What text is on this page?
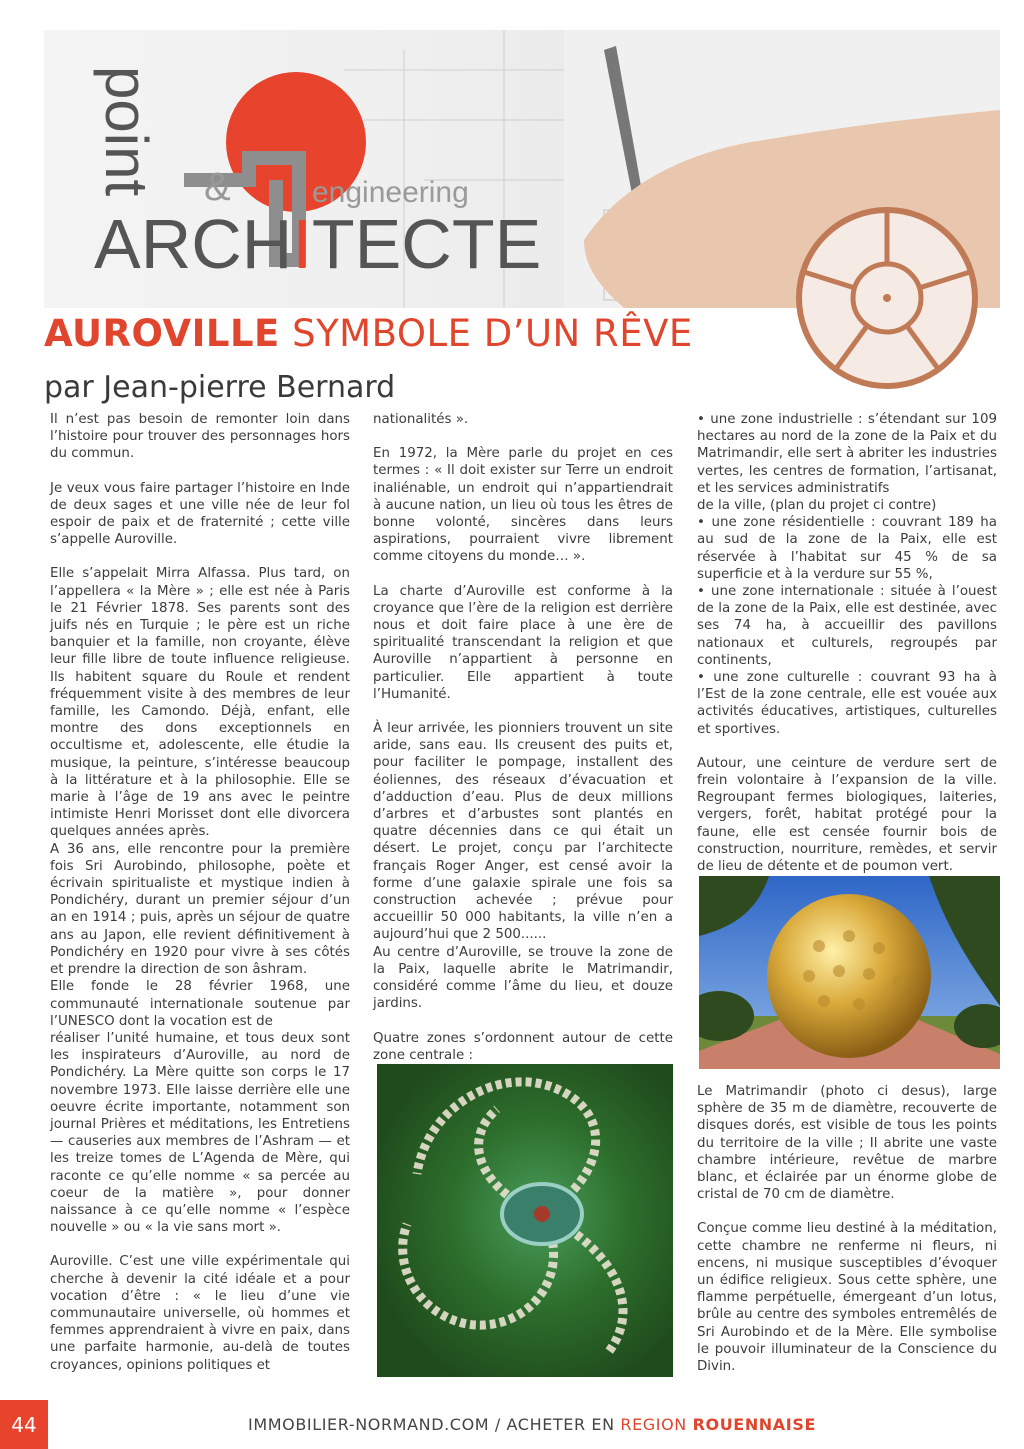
point &	engineering
ARCHITECTE
AUROVILLE SYMBOLE D’UN RÊVE
par Jean-pierre Bernard

Il n’est pas besoin de remonter loin dans l’histoire pour trouver des personnages hors du commun.

Je veux vous faire partager l’histoire en Inde de deux sages et une ville née de leur fol espoir de paix et de fraternité ; cette ville s’appelle Auroville.

Elle s’appelait Mirra Alfassa. Plus tard, on l’appellera « la Mère » ; elle est née à Paris le 21 Février 1878. Ses parents sont des juifs nés en Turquie ; le père est un riche banquier et la famille, non croyante, élève leur fille libre de toute influence religieuse. Ils habitent square du Roule et rendent fréquemment visite à des membres de leur famille, les Camondo. Déjà, enfant, elle montre des dons exceptionnels en occultisme et, adolescente, elle étudie la musique, la peinture, s’intéresse beaucoup à la littérature et à la philosophie. Elle se marie à l’âge de 19 ans avec le peintre intimiste Henri Morisset dont elle divorcera quelques années après.

A 36 ans, elle rencontre pour la première fois Sri Aurobindo, philosophe, poète et écrivain spiritualiste et mystique indien à Pondichéry, durant un premier séjour d’un an en 1914 ; puis, après un séjour de quatre ans au Japon, elle revient définitivement à Pondichéry en 1920 pour vivre à ses côtés et prendre la direction de son âshram.

Elle fonde le 28 février 1968, une communauté internationale soutenue par l’UNESCO dont la vocation est de

réaliser l’unité humaine, et tous deux sont les inspirateurs d’Auroville, au nord de Pondichéry. La Mère quitte son corps le 17 novembre 1973. Elle laisse derrière elle une oeuvre écrite importante, notamment son journal Prières et méditations, les Entretiens — causeries aux membres de l’Ashram — et les treize tomes de L’Agenda de Mère, qui raconte ce qu’elle nomme « sa percée au coeur de la matière », pour donner naissance à ce qu’elle nomme « l’espèce nouvelle » ou « la vie sans mort ».

Auroville. C’est une ville expérimentale qui cherche à devenir la cité idéale et a pour vocation d’être : « le lieu d’une vie communautaire universelle, où hommes et femmes apprendraient à vivre en paix, dans une parfaite harmonie, au-delà de toutes croyances, opinions politiques et

nationalités ».

En 1972, la Mère parle du projet en ces termes : « Il doit exister sur Terre un endroit inaliénable, un endroit qui n’appartiendrait à aucune nation, un lieu où tous les êtres de bonne volonté, sincères dans leurs aspirations, pourraient vivre librement comme citoyens du monde… ».

La charte d’Auroville est conforme à la croyance que l’ère de la religion est derrière nous et doit faire place à une ère de spiritualité transcendant la religion et que Auroville n’appartient à personne en particulier. Elle appartient à toute l’Humanité.

À leur arrivée, les pionniers trouvent un site aride, sans eau. Ils creusent des puits et, pour faciliter le pompage, installent des éoliennes, des réseaux d’évacuation et d’adduction d’eau. Plus de deux millions d’arbres et d’arbustes sont plantés en quatre décennies dans ce qui était un désert. Le projet, conçu par l’architecte français Roger Anger, est censé avoir la forme d’une galaxie spirale une fois sa construction achevée ; prévue pour accueillir 50 000 habitants, la ville n’en a aujourd’hui que 2 500......

Au centre d’Auroville, se trouve la zone de la Paix, laquelle abrite le Matrimandir, considéré comme l’âme du lieu, et douze jardins.

Quatre zones s’ordonnent autour de cette zone centrale :

• une zone industrielle : s’étendant sur 109 hectares au nord de la zone de la Paix et du Matrimandir, elle sert à abriter les industries vertes, les centres de formation, l’artisanat, et les services administratifs

de la ville, (plan du projet ci contre)

• une zone résidentielle : couvrant 189 ha au sud de la zone de la Paix, elle est réservée à l’habitat sur 45 % de sa superficie et à la verdure sur 55 %,

• une zone internationale : située à l’ouest de la zone de la Paix, elle est destinée, avec ses 74 ha, à accueillir des pavillons nationaux et culturels, regroupés par continents,

• une zone culturelle : couvrant 93 ha à l’Est de la zone centrale, elle est vouée aux activités éducatives, artistiques, culturelles et sportives.

Autour, une ceinture de verdure sert de frein volontaire à l’expansion de la ville. Regroupant fermes biologiques, laiteries, vergers, forêt, habitat protégé pour la faune, elle est censée fournir bois de construction, nourriture, remèdes, et servir de lieu de détente et de poumon vert.

Le Matrimandir (photo ci desus), large sphère de 35 m de diamètre, recouverte de disques dorés, est visible de tous les points du territoire de la ville ; Il abrite une vaste chambre intérieure, revêtue de marbre blanc, et éclairée par un énorme globe de cristal de 70 cm de diamètre.

Conçue comme lieu destiné à la méditation, cette chambre ne renferme ni fleurs, ni encens, ni musique susceptibles d’évoquer un édifice religieux. Sous cette sphère, une flamme perpétuelle, émergeant d’un lotus, brûle au centre des symboles entremêlés de Sri Aurobindo et de la Mère. Elle symbolise le pouvoir illuminateur de la Conscience du Divin.

44	IMMOBILIER-NORMAND.COM / ACHETER EN REGION ROUENNAISE
